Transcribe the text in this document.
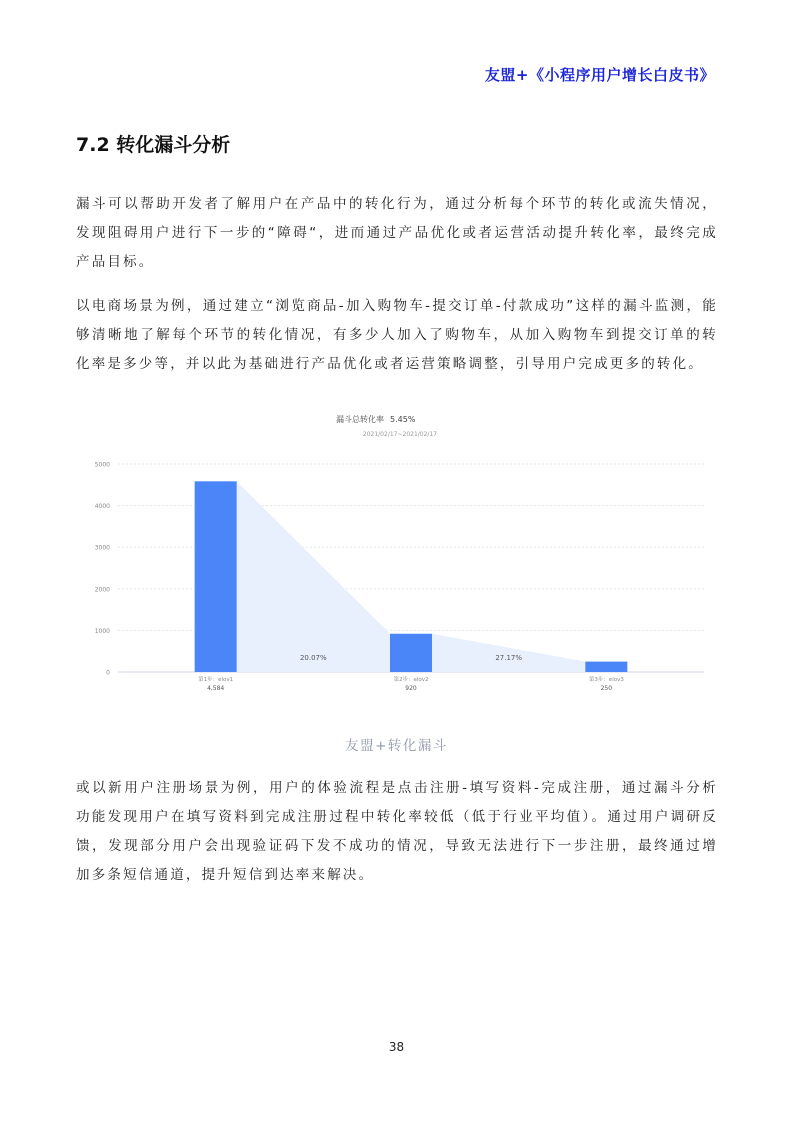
友盟+《小程序用户增长白皮书》
7.2 转化漏斗分析

漏斗可以帮助开发者了解用户在产品中的转化行为，通过分析每个环节的转化或流失情况，发现阻碍用户进行下一步的“障碍“，进而通过产品优化或者运营活动提升转化率，最终完成产品目标。

以电商场景为例，通过建立“浏览商品-加入购物车-提交订单-付款成功”这样的漏斗监测，能够清晰地了解每个环节的转化情况，有多少人加入了购物车，从加入购物车到提交订单的转化率是多少等，并以此为基础进行产品优化或者运营策略调整，引导用户完成更多的转化。

漏斗总转化率 5.45%
2021/02/17~2021/02/17
5000
4000
3000
2000
1000
0
20.07%	27.17%
第1步：elov1
4,584
第2步：elov2
920
第3步：elov3
250
友盟+转化漏斗

或以新用户注册场景为例，用户的体验流程是点击注册-填写资料-完成注册，通过漏斗分析功能发现用户在填写资料到完成注册过程中转化率较低（低于行业平均值）。通过用户调研反馈，发现部分用户会出现验证码下发不成功的情况，导致无法进行下一步注册，最终通过增加多条短信通道，提升短信到达率来解决。

38
